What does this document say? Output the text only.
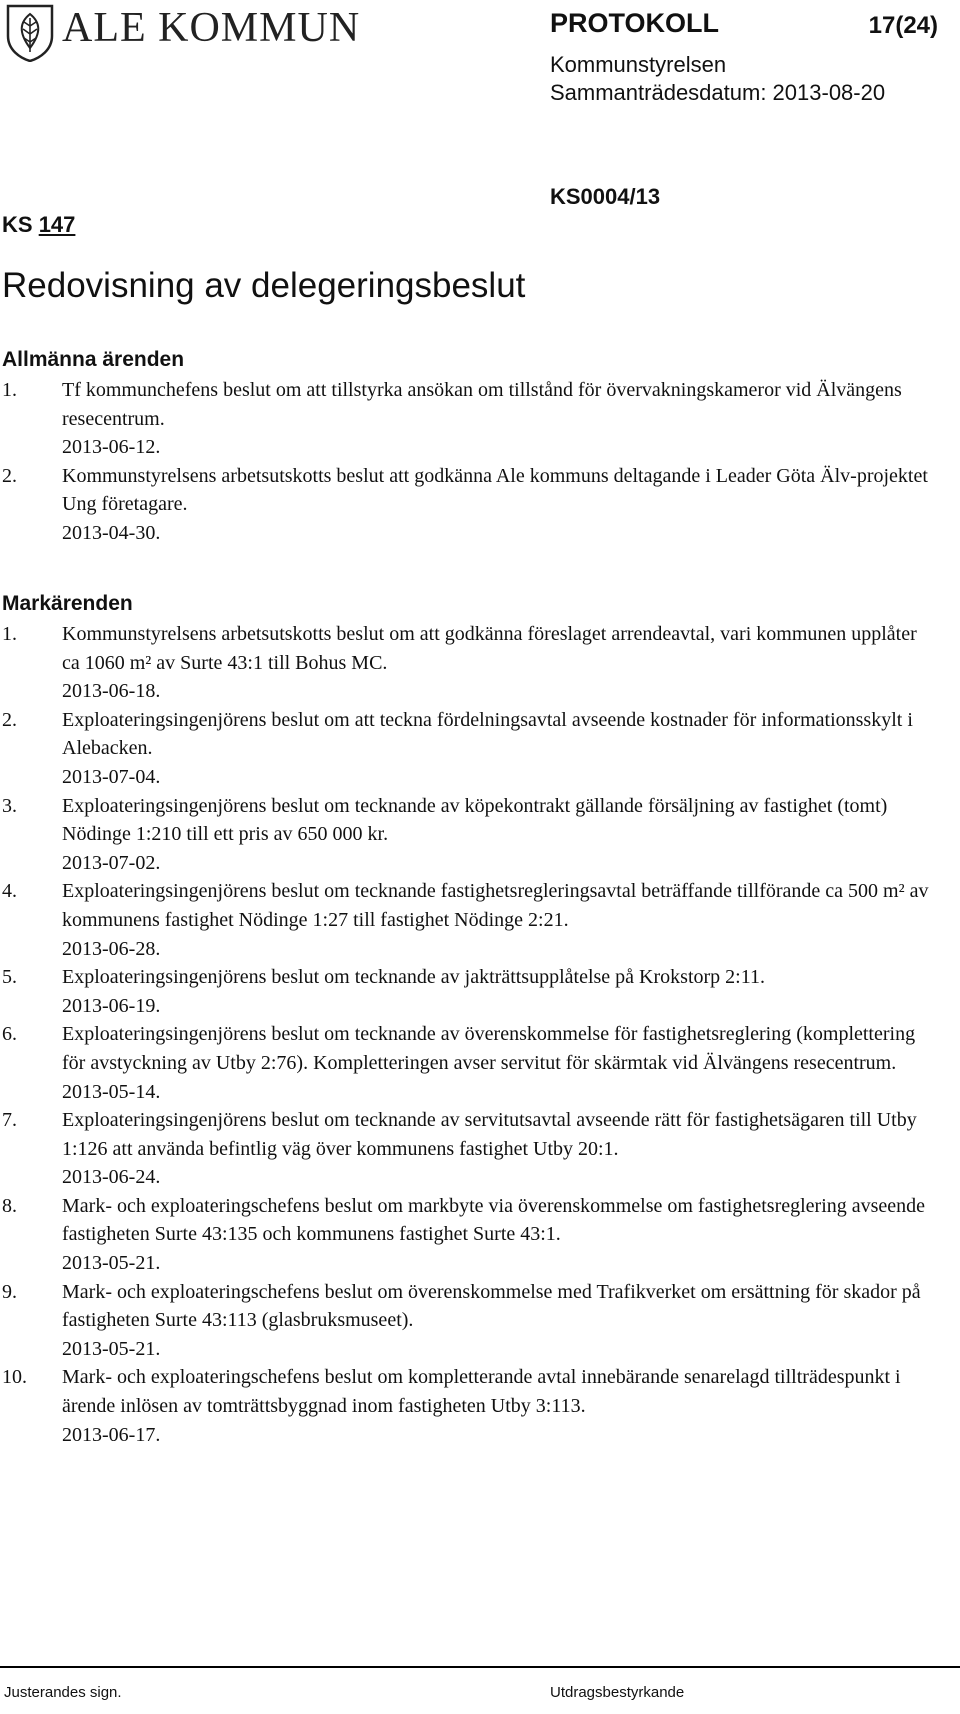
ALE KOMMUN	PROTOKOLL	17(24)
Kommunstyrelsen
Sammanträdesdatum: 2013-08-20
KS 147
KS0004/13
Redovisning av delegeringsbeslut
Allmänna ärenden
1. Tf kommunchefens beslut om att tillstyrka ansökan om tillstånd för övervakningskameror vid Älvängens resecentrum.
2013-06-12.
2. Kommunstyrelsens arbetsutskotts beslut att godkänna Ale kommuns deltagande i Leader Göta Älv-projektet Ung företagare.
2013-04-30.
Markärenden
1. Kommunstyrelsens arbetsutskotts beslut om att godkänna föreslaget arrendeavtal, vari kommunen upplåter ca 1060 m² av Surte 43:1 till Bohus MC.
2013-06-18.
2. Exploateringsingenjörens beslut om att teckna fördelningsavtal avseende kostnader för informationsskylt i Alebacken.
2013-07-04.
3. Exploateringsingenjörens beslut om tecknande av köpekontrakt gällande försäljning av fastighet (tomt) Nödinge 1:210 till ett pris av 650 000 kr.
2013-07-02.
4. Exploateringsingenjörens beslut om tecknande fastighetsregleringsavtal beträffande tillförande ca 500 m² av kommunens fastighet Nödinge 1:27 till fastighet Nödinge 2:21.
2013-06-28.
5. Exploateringsingenjörens beslut om tecknande av jakträttsupplåtelse på Krokstorp 2:11.
2013-06-19.
6. Exploateringsingenjörens beslut om tecknande av överenskommelse för fastighetsreglering (komplettering för avstyckning av Utby 2:76). Kompletteringen avser servitut för skärmtak vid Älvängens resecentrum.
2013-05-14.
7. Exploateringsingenjörens beslut om tecknande av servitutsavtal avseende rätt för fastighetsägaren till Utby 1:126 att använda befintlig väg över kommunens fastighet Utby 20:1.
2013-06-24.
8. Mark- och exploateringschefens beslut om markbyte via överenskommelse om fastighetsreglering avseende fastigheten Surte 43:135 och kommunens fastighet Surte 43:1.
2013-05-21.
9. Mark- och exploateringschefens beslut om överenskommelse med Trafikverket om ersättning för skador på fastigheten Surte 43:113 (glasbruksmuseet).
2013-05-21.
10. Mark- och exploateringschefens beslut om kompletterande avtal innebärande senarelagd tillträdespunkt i ärende inlösen av tomträttsbyggnad inom fastigheten Utby 3:113.
2013-06-17.
Justerandes sign.	Utdragsbestyrkande
